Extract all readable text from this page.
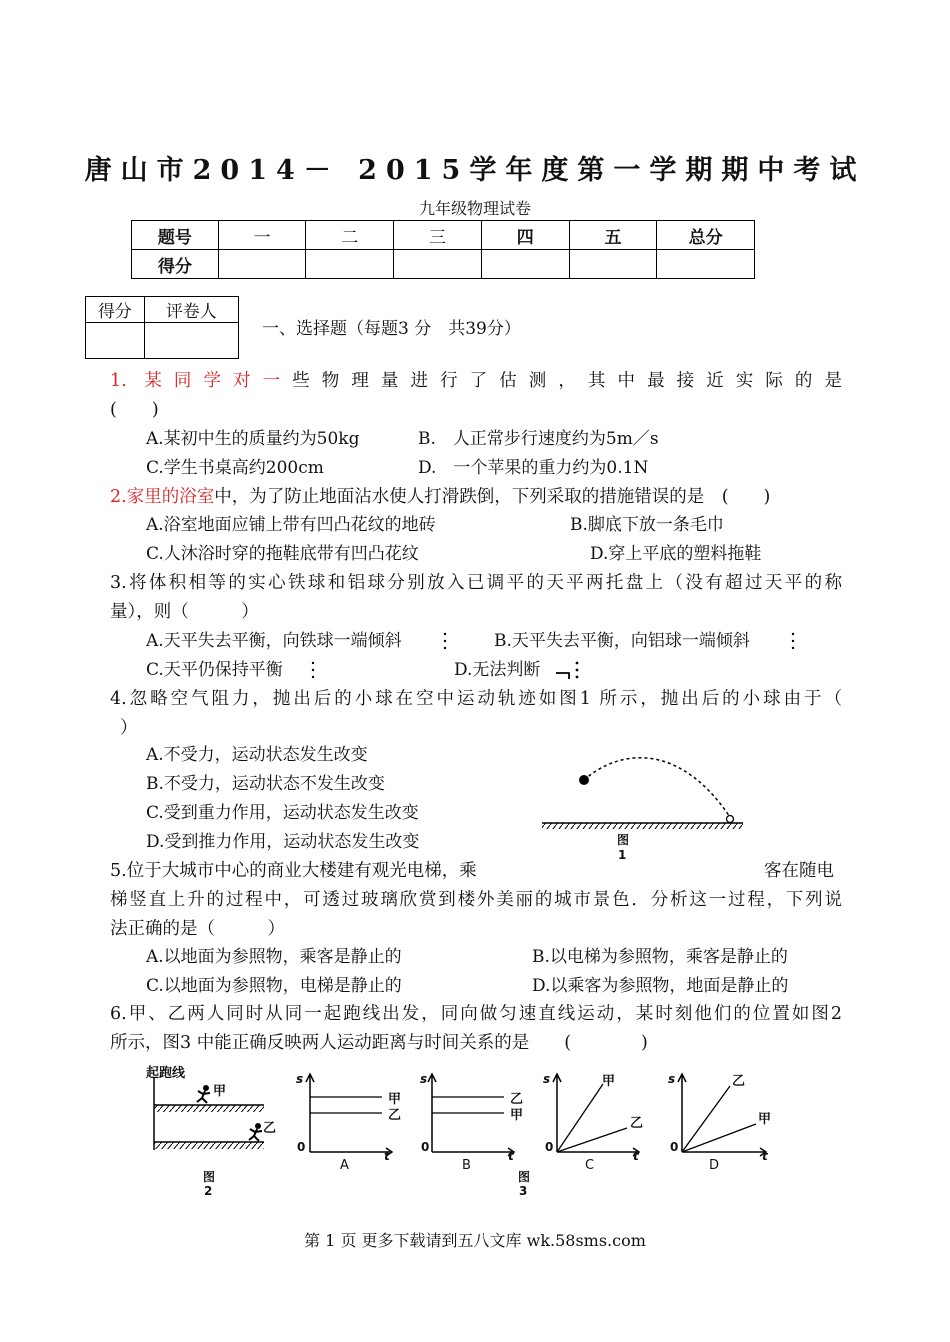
唐山市2014－ 2015学年度第一学期期中考试
九年级物理试卷
题号	一	二	三	四	五	总分
得分						
得分	评卷人

一、选择题（每题3 分　共39分）
1. 某同学对一些物理量进行了估测，其中最接近实际的是
(　　)
A.某初中生的质量约为50kg	B.　人正常步行速度约为5m／s
C.学生书桌高约200cm	D.　一个苹果的重力约为0.1N
2.家里的浴室中，为了防止地面沾水使人打滑跌倒，下列采取的措施错误的是　(　　)
A.浴室地面应铺上带有凹凸花纹的地砖	B.脚底下放一条毛巾
C.人沐浴时穿的拖鞋底带有凹凸花纹	D.穿上平底的塑料拖鞋
3.将体积相等的实心铁球和铝球分别放入已调平的天平两托盘上（没有超过天平的称
量），则（　　　）
A.天平失去平衡，向铁球一端倾斜	B.天平失去平衡，向铝球一端倾斜
C.天平仍保持平衡	D.无法判断
4.忽略空气阻力，抛出后的小球在空中运动轨迹如图1 所示，抛出后的小球由于（
）
A.不受力，运动状态发生改变
B.不受力，运动状态不发生改变
C.受到重力作用，运动状态发生改变
D.受到推力作用，运动状态发生改变	图
1
5.位于大城市中心的商业大楼建有观光电梯，乘	客在随电
梯竖直上升的过程中，可透过玻璃欣赏到楼外美丽的城市景色．分析这一过程，下列说
法正确的是（　　　）
A.以地面为参照物，乘客是静止的	B.以电梯为参照物，乘客是静止的
C.以地面为参照物，电梯是静止的	D.以乘客为参照物，地面是静止的
6.甲、乙两人同时从同一起跑线出发，同向做匀速直线运动，某时刻他们的位置如图2
所示，图3 中能正确反映两人运动距离与时间关系的是　　(　　　　)
起跑线
甲
乙
图
2
s
t
0
甲
乙
A
s
t
0
乙
甲
B
s
t
0
甲
乙
C
s
t
0
乙
甲
D
图
3
第 1 页 更多下载请到五八文库 wk.58sms.com
